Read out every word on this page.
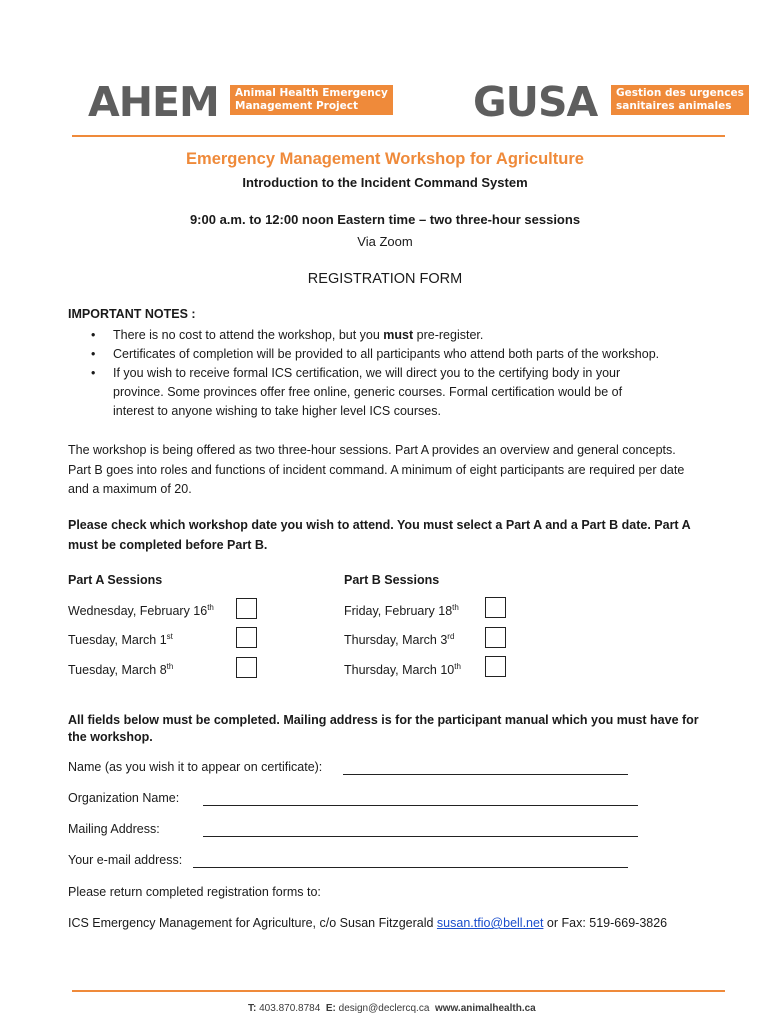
AHEM Animal Health Emergency
Management Project	GUSA Gestion des urgences
sanitaires animales
Emergency Management Workshop for Agriculture
Introduction to the Incident Command System
9:00 a.m. to 12:00 noon Eastern time – two three-hour sessions
Via Zoom
REGISTRATION FORM
IMPORTANT NOTES :
• There is no cost to attend the workshop, but you must pre-register.
• Certificates of completion will be provided to all participants who attend both parts of the workshop.
• If you wish to receive formal ICS certification, we will direct you to the certifying body in your province. Some provinces offer free online, generic courses. Formal certification would be of interest to anyone wishing to take higher level ICS courses.
The workshop is being offered as two three-hour sessions. Part A provides an overview and general concepts. Part B goes into roles and functions of incident command. A minimum of eight participants are required per date and a maximum of 20.
Please check which workshop date you wish to attend. You must select a Part A and a Part B date. Part A must be completed before Part B.
Part A Sessions
Wednesday, February 16th
Tuesday, March 1st
Tuesday, March 8th
Part B Sessions
Friday, February 18th
Thursday, March 3rd
Thursday, March 10th
All fields below must be completed. Mailing address is for the participant manual which you must have for the workshop.
Name (as you wish it to appear on certificate):
Organization Name:
Mailing Address:
Your e-mail address:
Please return completed registration forms to:
ICS Emergency Management for Agriculture, c/o Susan Fitzgerald susan.tfio@bell.net or Fax: 519-669-3826
T: 403.870.8784 E: design@declercq.ca www.animalhealth.ca
